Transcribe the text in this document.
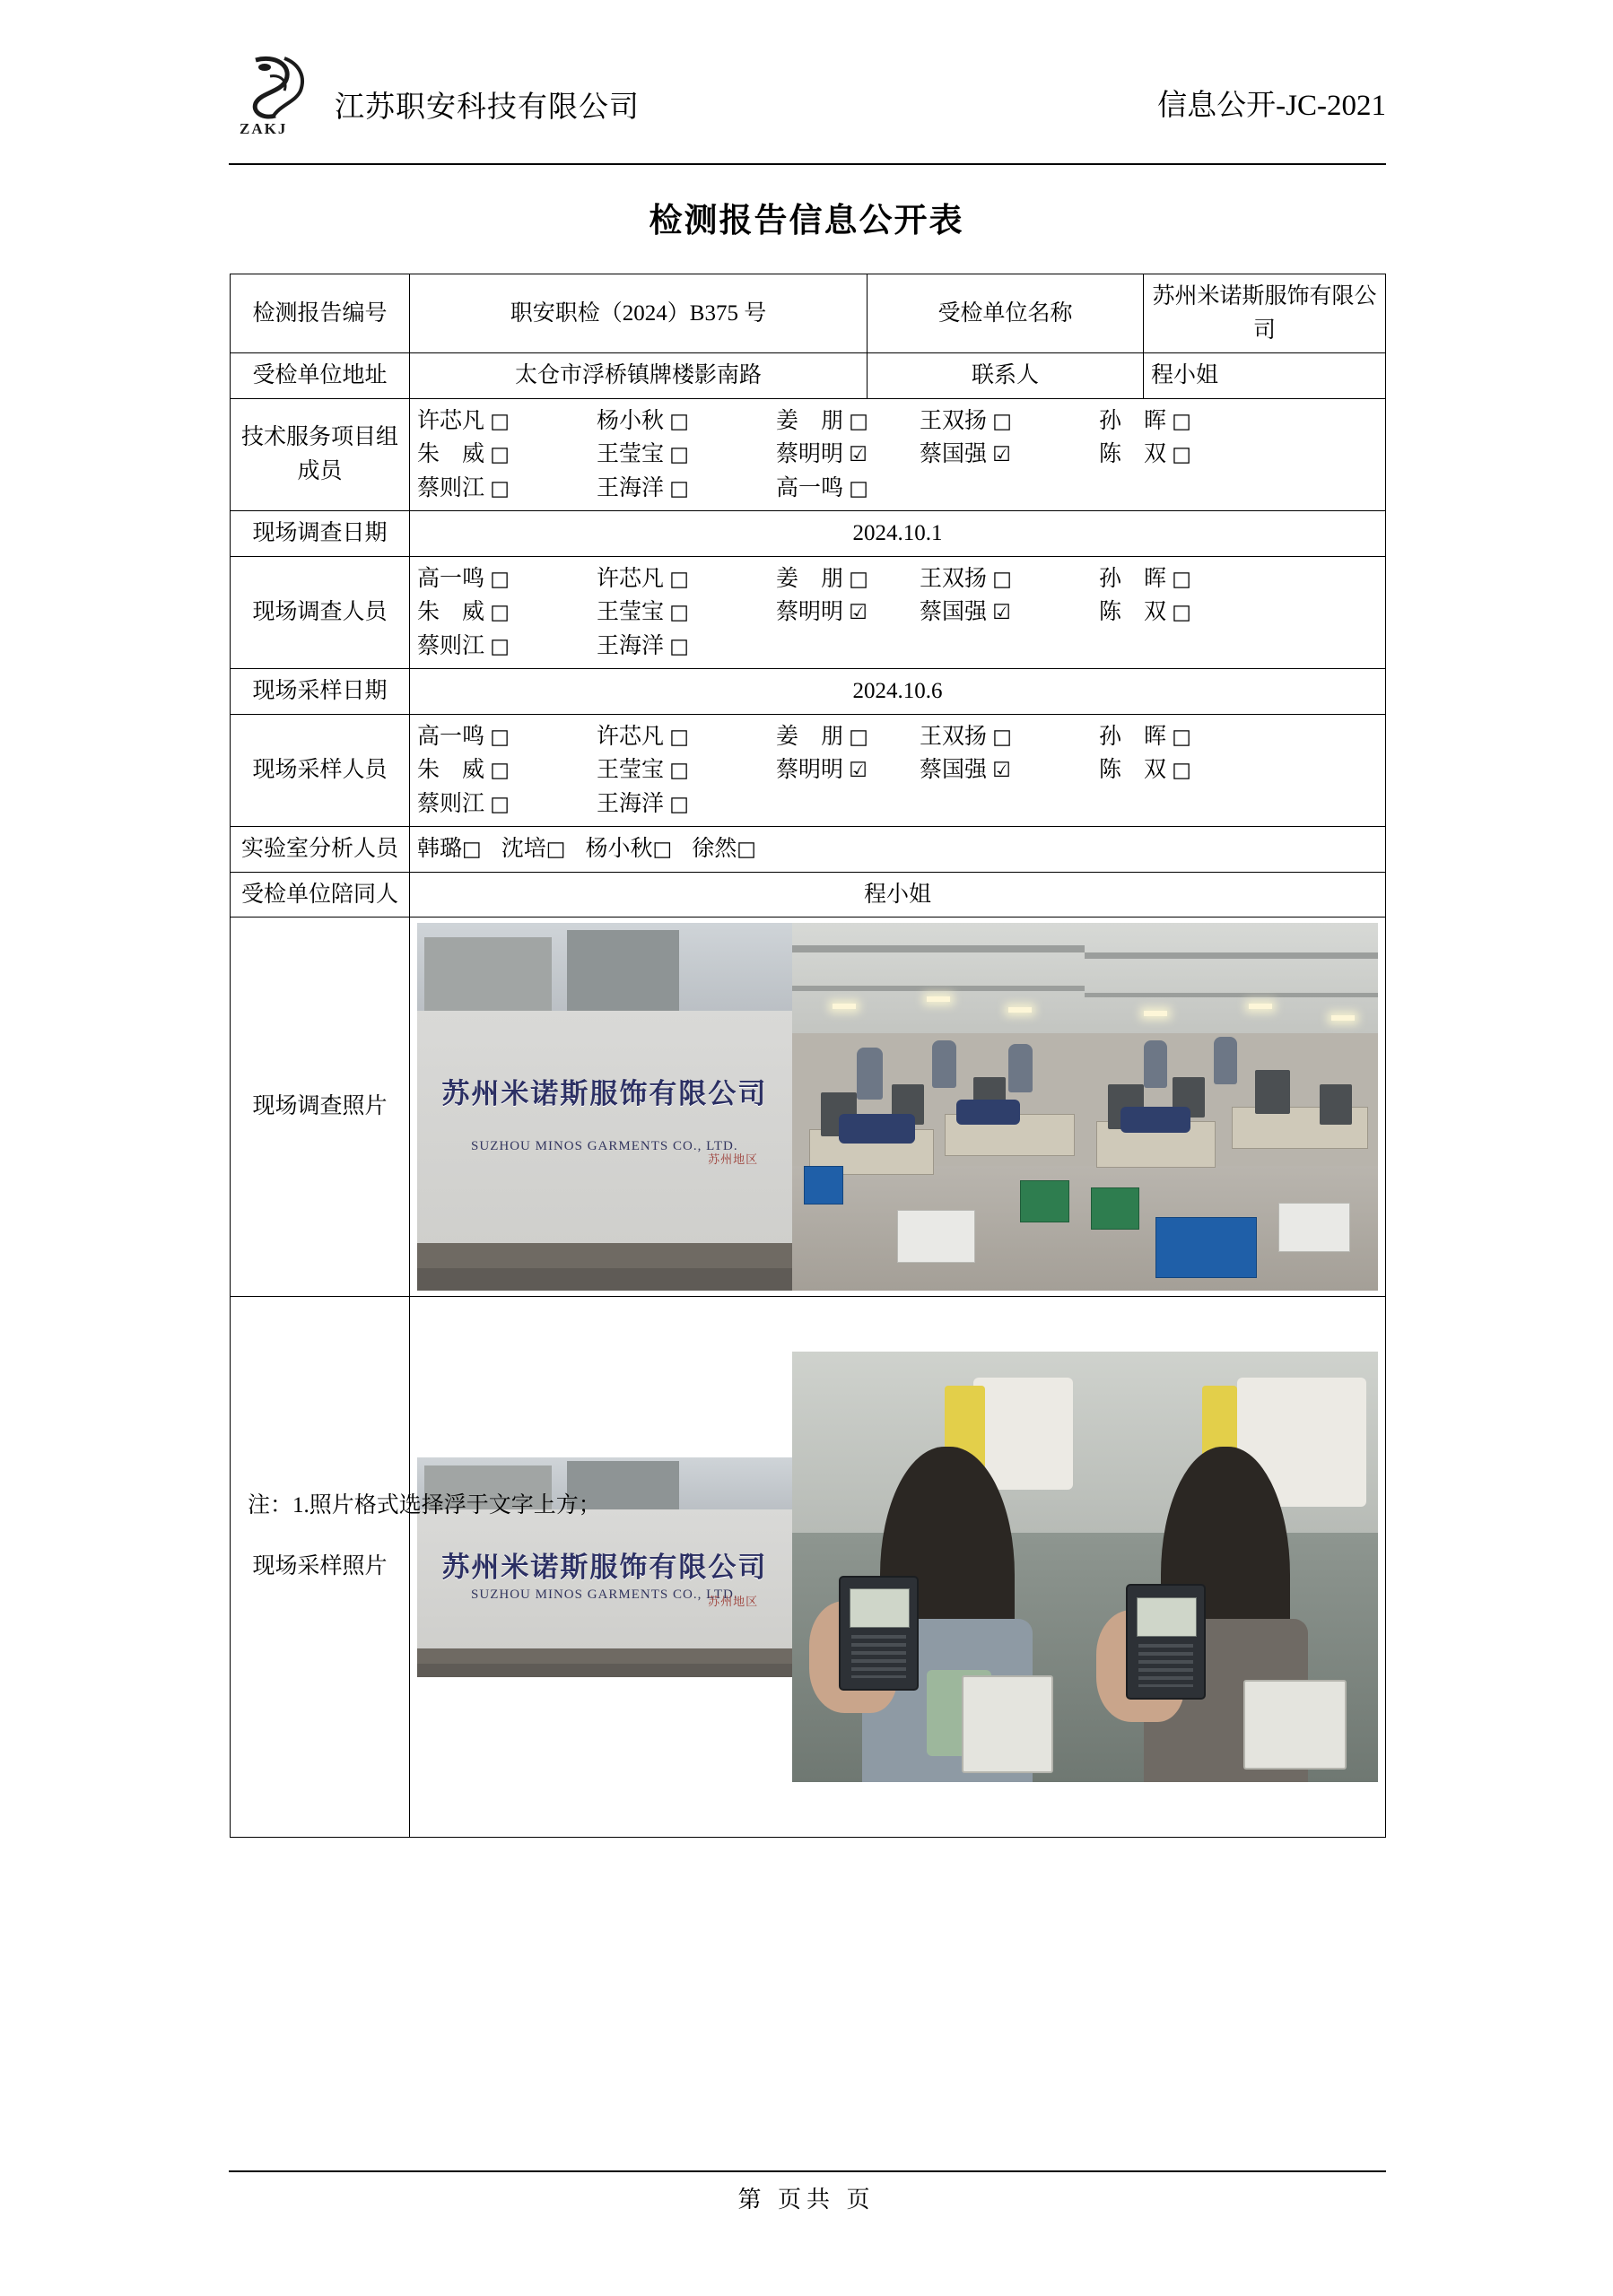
ZAKJ
江苏职安科技有限公司	信息公开-JC-2021
检测报告信息公开表
检测报告编号	职安职检（2024）B375 号	受检单位名称	苏州米诺斯服饰有限公司
受检单位地址	太仓市浮桥镇牌楼影南路	联系人	程小姐
技术服务项目组成员	许芯凡 □ 杨小秋 □ 姜　朋 □ 王双扬 □ 孙　晖 □
朱　威 □ 王莹宝 □ 蔡明明 ☑ 蔡国强 ☑ 陈　双 □
蔡则江 □ 王海洋 □ 高一鸣 □		

现场调查日期	2024.10.1		
现场调查人员	高一鸣 □ 许芯凡 □ 姜　朋 □ 王双扬 □ 孙　晖 □
朱　威 □ 王莹宝 □ 蔡明明 ☑ 蔡国强 ☑ 陈　双 □
蔡则江 □ 王海洋 □		

现场采样日期	2024.10.6		
现场采样人员	高一鸣 □ 许芯凡 □ 姜　朋 □ 王双扬 □ 孙　晖 □
朱　威 □ 王莹宝 □ 蔡明明 ☑ 蔡国强 ☑ 陈　双 □
蔡则江 □ 王海洋 □		

实验室分析人员	韩璐□ 沈培□ 杨小秋□ 徐然□		

受检单位陪同人	程小姐		
现场调查照片	苏州米诺斯服饰有限公司
SUZHOU MINOS GARMENTS CO., LTD.
苏州地区		

现场采样照片	苏州米诺斯服饰有限公司
SUZHOU MINOS GARMENTS CO., LTD.
苏州地区		
注：1.照片格式选择浮于文字上方；
第 页共 页
